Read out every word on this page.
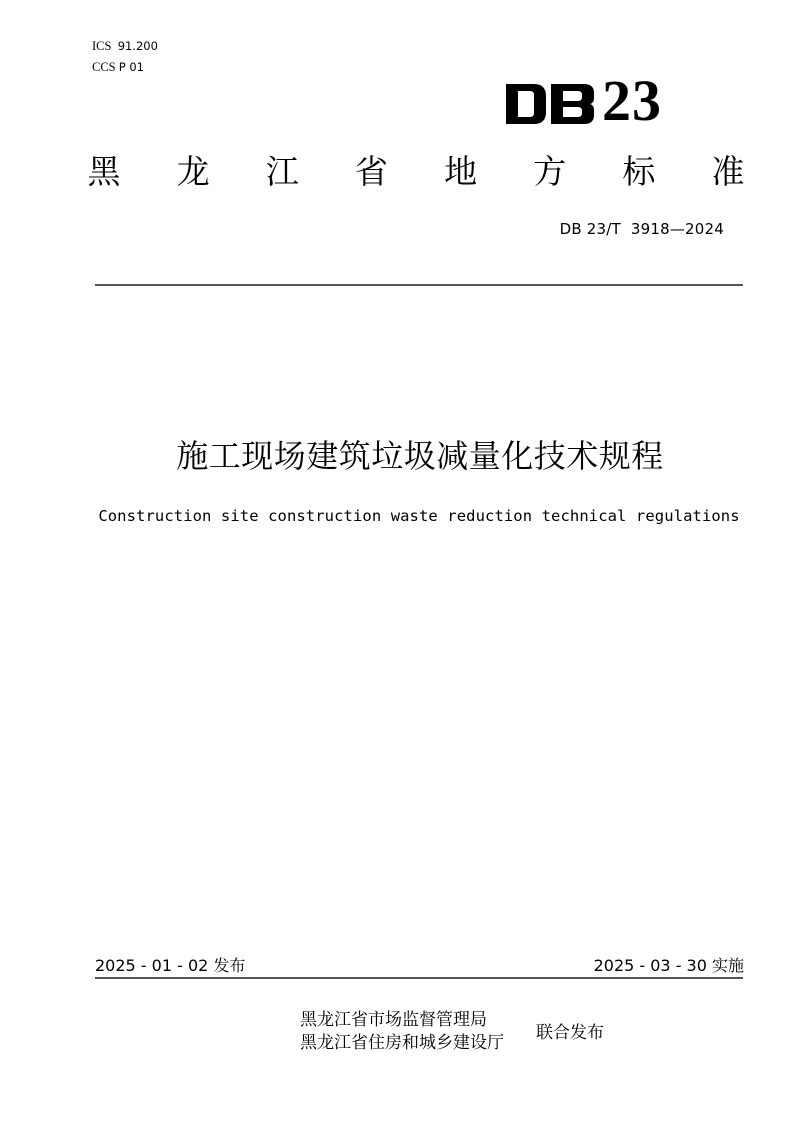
ICS 91.200
CCS P 01
23
黑 龙 江 省 地 方 标 准
DB 23/T  3918—2024
施工现场建筑垃圾减量化技术规程
Construction site construction waste reduction technical regulations
2025 - 01 - 02 发布	2025 - 03 - 30 实施
黑龙江省市场监督管理局
黑龙江省住房和城乡建设厅 联合发布
